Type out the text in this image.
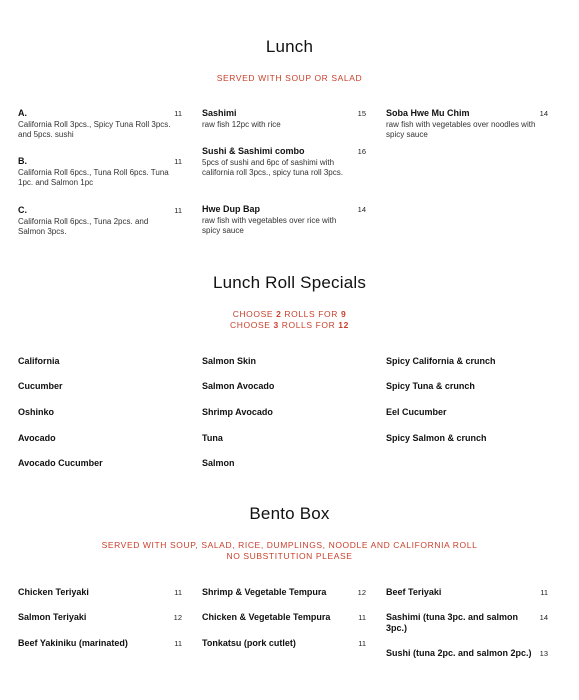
Lunch
SERVED WITH SOUP OR SALAD
A.	11
California Roll 3pcs., Spicy Tuna Roll 3pcs. and 5pcs. sushi
B.	11
California Roll 6pcs., Tuna Roll 6pcs. Tuna 1pc. and Salmon 1pc
C.	11
California Roll 6pcs., Tuna 2pcs. and Salmon 3pcs.
Sashimi	15
raw fish 12pc with rice
Sushi & Sashimi combo	16
5pcs of sushi and 6pc of sashimi with california roll 3pcs., spicy tuna roll 3pcs.
Hwe Dup Bap	14
raw fish with vegetables over rice with spicy sauce
Soba Hwe Mu Chim	14
raw fish with vegetables over noodles with spicy sauce
Lunch Roll Specials
CHOOSE 2 ROLLS FOR 9
CHOOSE 3 ROLLS FOR 12
California
Cucumber
Oshinko
Avocado
Avocado Cucumber
Salmon Skin
Salmon Avocado
Shrimp Avocado
Tuna
Salmon
Spicy California & crunch
Spicy Tuna & crunch
Eel Cucumber
Spicy Salmon & crunch
Bento Box
SERVED WITH SOUP, SALAD, RICE, DUMPLINGS, NOODLE AND CALIFORNIA ROLL
NO SUBSTITUTION PLEASE
Chicken Teriyaki	11
Salmon Teriyaki	12
Beef Yakiniku (marinated)	11
Shrimp & Vegetable Tempura	12
Chicken & Vegetable Tempura	11
Tonkatsu (pork cutlet)	11
Beef Teriyaki	11
Sashimi (tuna 3pc. and salmon 3pc.)
14
Sushi (tuna 2pc. and salmon 2pc.)	13
